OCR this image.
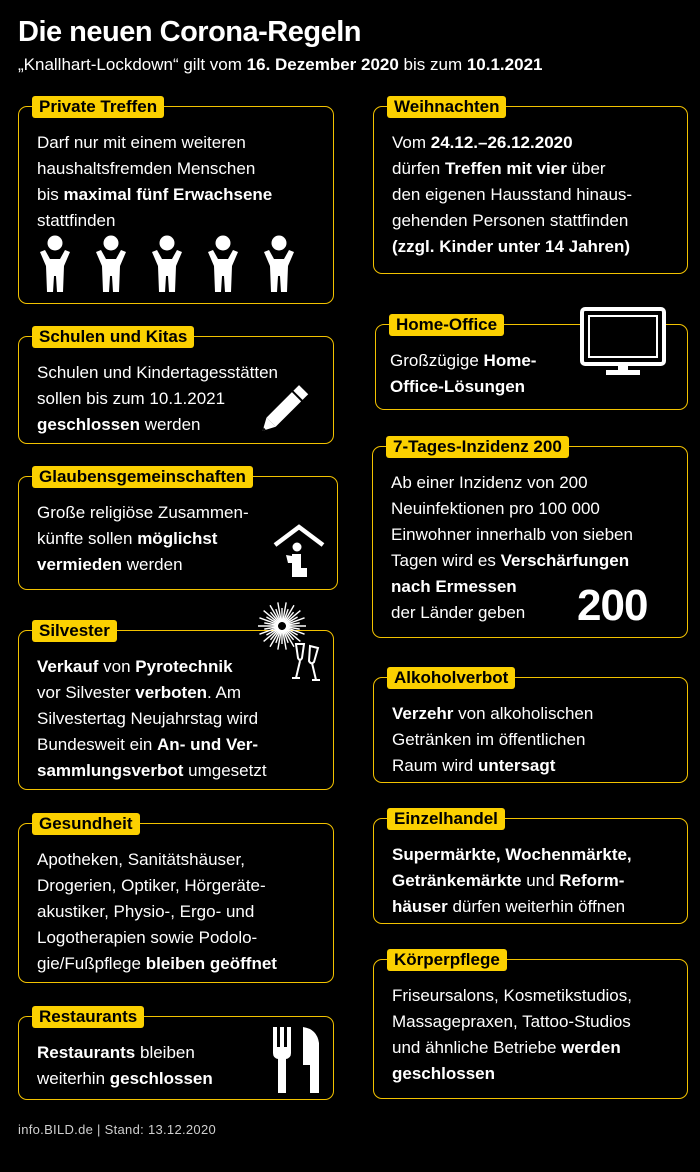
Die neuen Corona-Regeln
„Knallhart-Lockdown“ gilt vom 16. Dezember 2020 bis zum 10.1.2021
Private Treffen
Darf nur mit einem weiteren
haushaltsfremden Menschen
bis maximal fünf Erwachsene
stattfinden
Weihnachten
Vom 24.12.–26.12.2020
dürfen Treffen mit vier über
den eigenen Hausstand hinaus-
gehenden Personen stattfinden
(zzgl. Kinder unter 14 Jahren)
Schulen und Kitas
Schulen und Kindertagesstätten
sollen bis zum 10.1.2021
geschlossen werden
Home-Office
Großzügige Home-
Office-Lösungen
Glaubensgemeinschaften
Große religiöse Zusammen-
künfte sollen möglichst
vermieden werden
7-Tages-Inzidenz 200
Ab einer Inzidenz von 200
Neuinfektionen pro 100 000
Einwohner innerhalb von sieben
Tagen wird es Verschärfungen
nach Ermessen
der Länder geben	200
Silvester
Verkauf von Pyrotechnik
vor Silvester verboten. Am
Silvestertag Neujahrstag wird
Bundesweit ein An- und Ver-
sammlungsverbot umgesetzt
Alkoholverbot
Verzehr von alkoholischen
Getränken im öffentlichen
Raum wird untersagt
Gesundheit
Apotheken, Sanitätshäuser,
Drogerien, Optiker, Hörgeräte-
akustiker, Physio-, Ergo- und
Logotherapien sowie Podolo-
gie/Fußpflege bleiben geöffnet
Einzelhandel
Supermärkte, Wochenmärkte,
Getränkemärkte und Reform-
häuser dürfen weiterhin öffnen
Restaurants
Restaurants bleiben
weiterhin geschlossen
Körperpflege
Friseursalons, Kosmetikstudios,
Massagepraxen, Tattoo-Studios
und ähnliche Betriebe werden
geschlossen
info.BILD.de | Stand: 13.12.2020
